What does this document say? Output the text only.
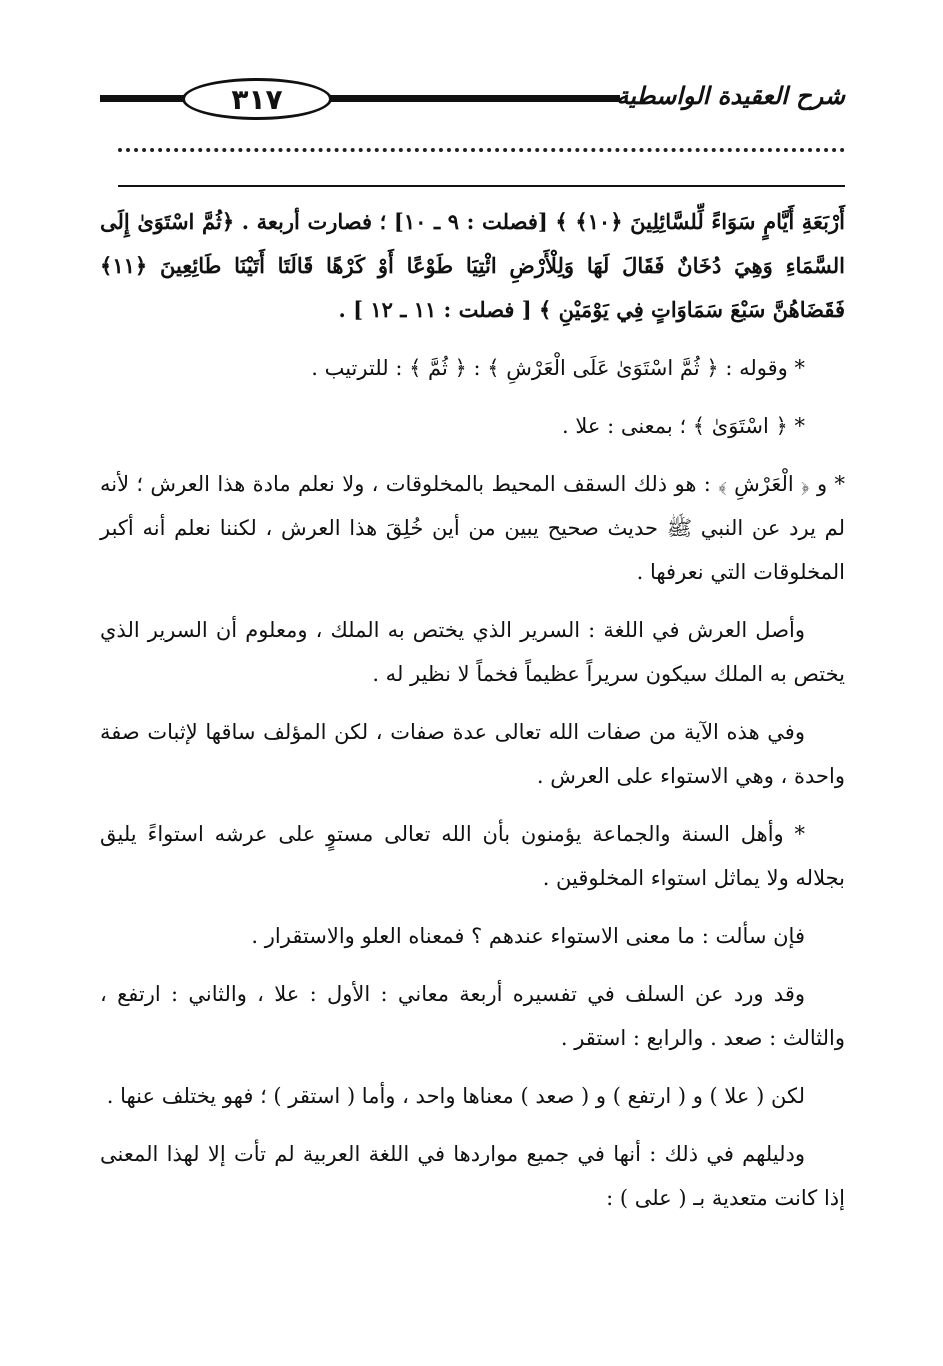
٣١٧	شرح العقيدة الواسطية

أَرْبَعَةِ أَيَّامٍ سَوَاءً لِّلسَّائِلِينَ ﴿١٠﴾ ﴾ [فصلت : ٩ ـ ١٠] ؛ فصارت أربعة . ﴿ثُمَّ اسْتَوَىٰ إِلَى السَّمَاءِ وَهِيَ دُخَانٌ فَقَالَ لَهَا وَلِلْأَرْضِ ائْتِيَا طَوْعًا أَوْ كَرْهًا قَالَتَا أَتَيْنَا طَائِعِينَ ﴿١١﴾ فَقَضَاهُنَّ سَبْعَ سَمَاوَاتٍ فِي يَوْمَيْنِ ﴾ [ فصلت : ١١ ـ ١٢ ] .

* وقوله : ﴿ ثُمَّ اسْتَوَىٰ عَلَى الْعَرْشِ ﴾ : ﴿ ثُمَّ ﴾ : للترتيب .

* ﴿ اسْتَوَىٰ ﴾ ؛ بمعنى : علا .

* و ﴿ الْعَرْشِ ﴾ : هو ذلك السقف المحيط بالمخلوقات ، ولا نعلم مادة هذا العرش ؛ لأنه لم يرد عن النبي ﷺ حديث صحيح يبين من أين خُلِقَ هذا العرش ، لكننا نعلم أنه أكبر المخلوقات التي نعرفها .

وأصل العرش في اللغة : السرير الذي يختص به الملك ، ومعلوم أن السرير الذي يختص به الملك سيكون سريراً عظيماً فخماً لا نظير له .

وفي هذه الآية من صفات الله تعالى عدة صفات ، لكن المؤلف ساقها لإثبات صفة واحدة ، وهي الاستواء على العرش .

* وأهل السنة والجماعة يؤمنون بأن الله تعالى مستوٍ على عرشه استواءً يليق بجلاله ولا يماثل استواء المخلوقين .

فإن سألت : ما معنى الاستواء عندهم ؟ فمعناه العلو والاستقرار .

وقد ورد عن السلف في تفسيره أربعة معاني : الأول : علا ، والثاني : ارتفع ، والثالث : صعد . والرابع : استقر .

لكن ( علا ) و ( ارتفع ) و ( صعد ) معناها واحد ، وأما ( استقر ) ؛ فهو يختلف عنها .

ودليلهم في ذلك : أنها في جميع مواردها في اللغة العربية لم تأت إلا لهذا المعنى إذا كانت متعدية بـ ( على ) :
